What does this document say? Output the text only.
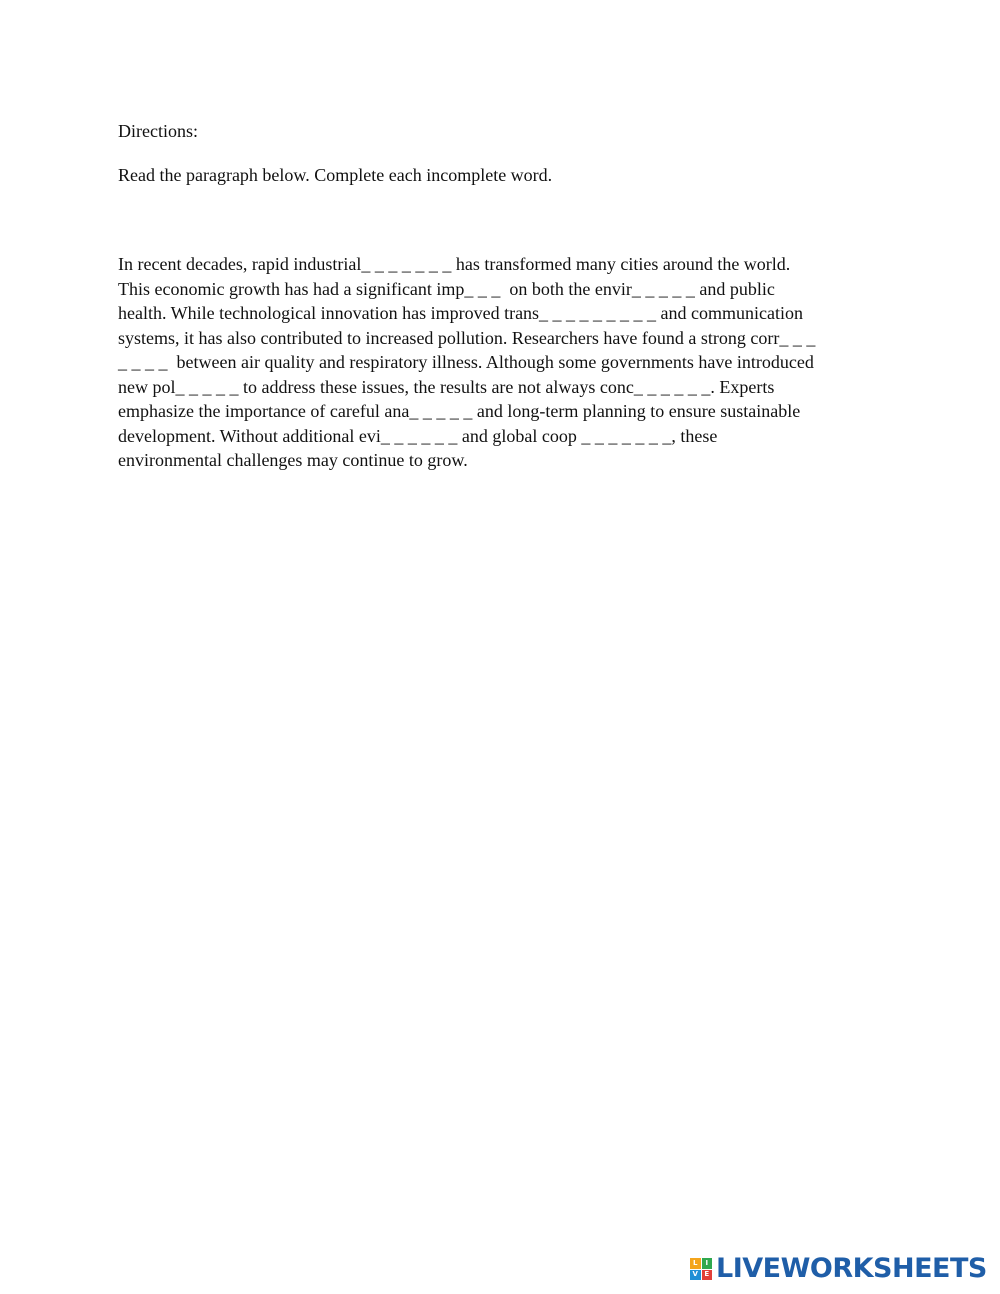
Directions:

Read the paragraph below. Complete each incomplete word.

In recent decades, rapid industrial_ _ _ _ _ _ _ has transformed many cities around the world.
This economic growth has had a significant imp_ _ _  on both the envir_ _ _ _ _ and public
health. While technological innovation has improved trans_ _ _ _ _ _ _ _ _ and communication
systems, it has also contributed to increased pollution. Researchers have found a strong corr_ _ _
_ _ _ _  between air quality and respiratory illness. Although some governments have introduced
new pol_ _ _ _ _ to address these issues, the results are not always conc_ _ _ _ _ _. Experts
emphasize the importance of careful ana_ _ _ _ _ and long-term planning to ensure sustainable
development. Without additional evi_ _ _ _ _ _ and global coop _ _ _ _ _ _ _, these
environmental challenges may continue to grow.
L	I
V E LIVEWORKSHEETS
